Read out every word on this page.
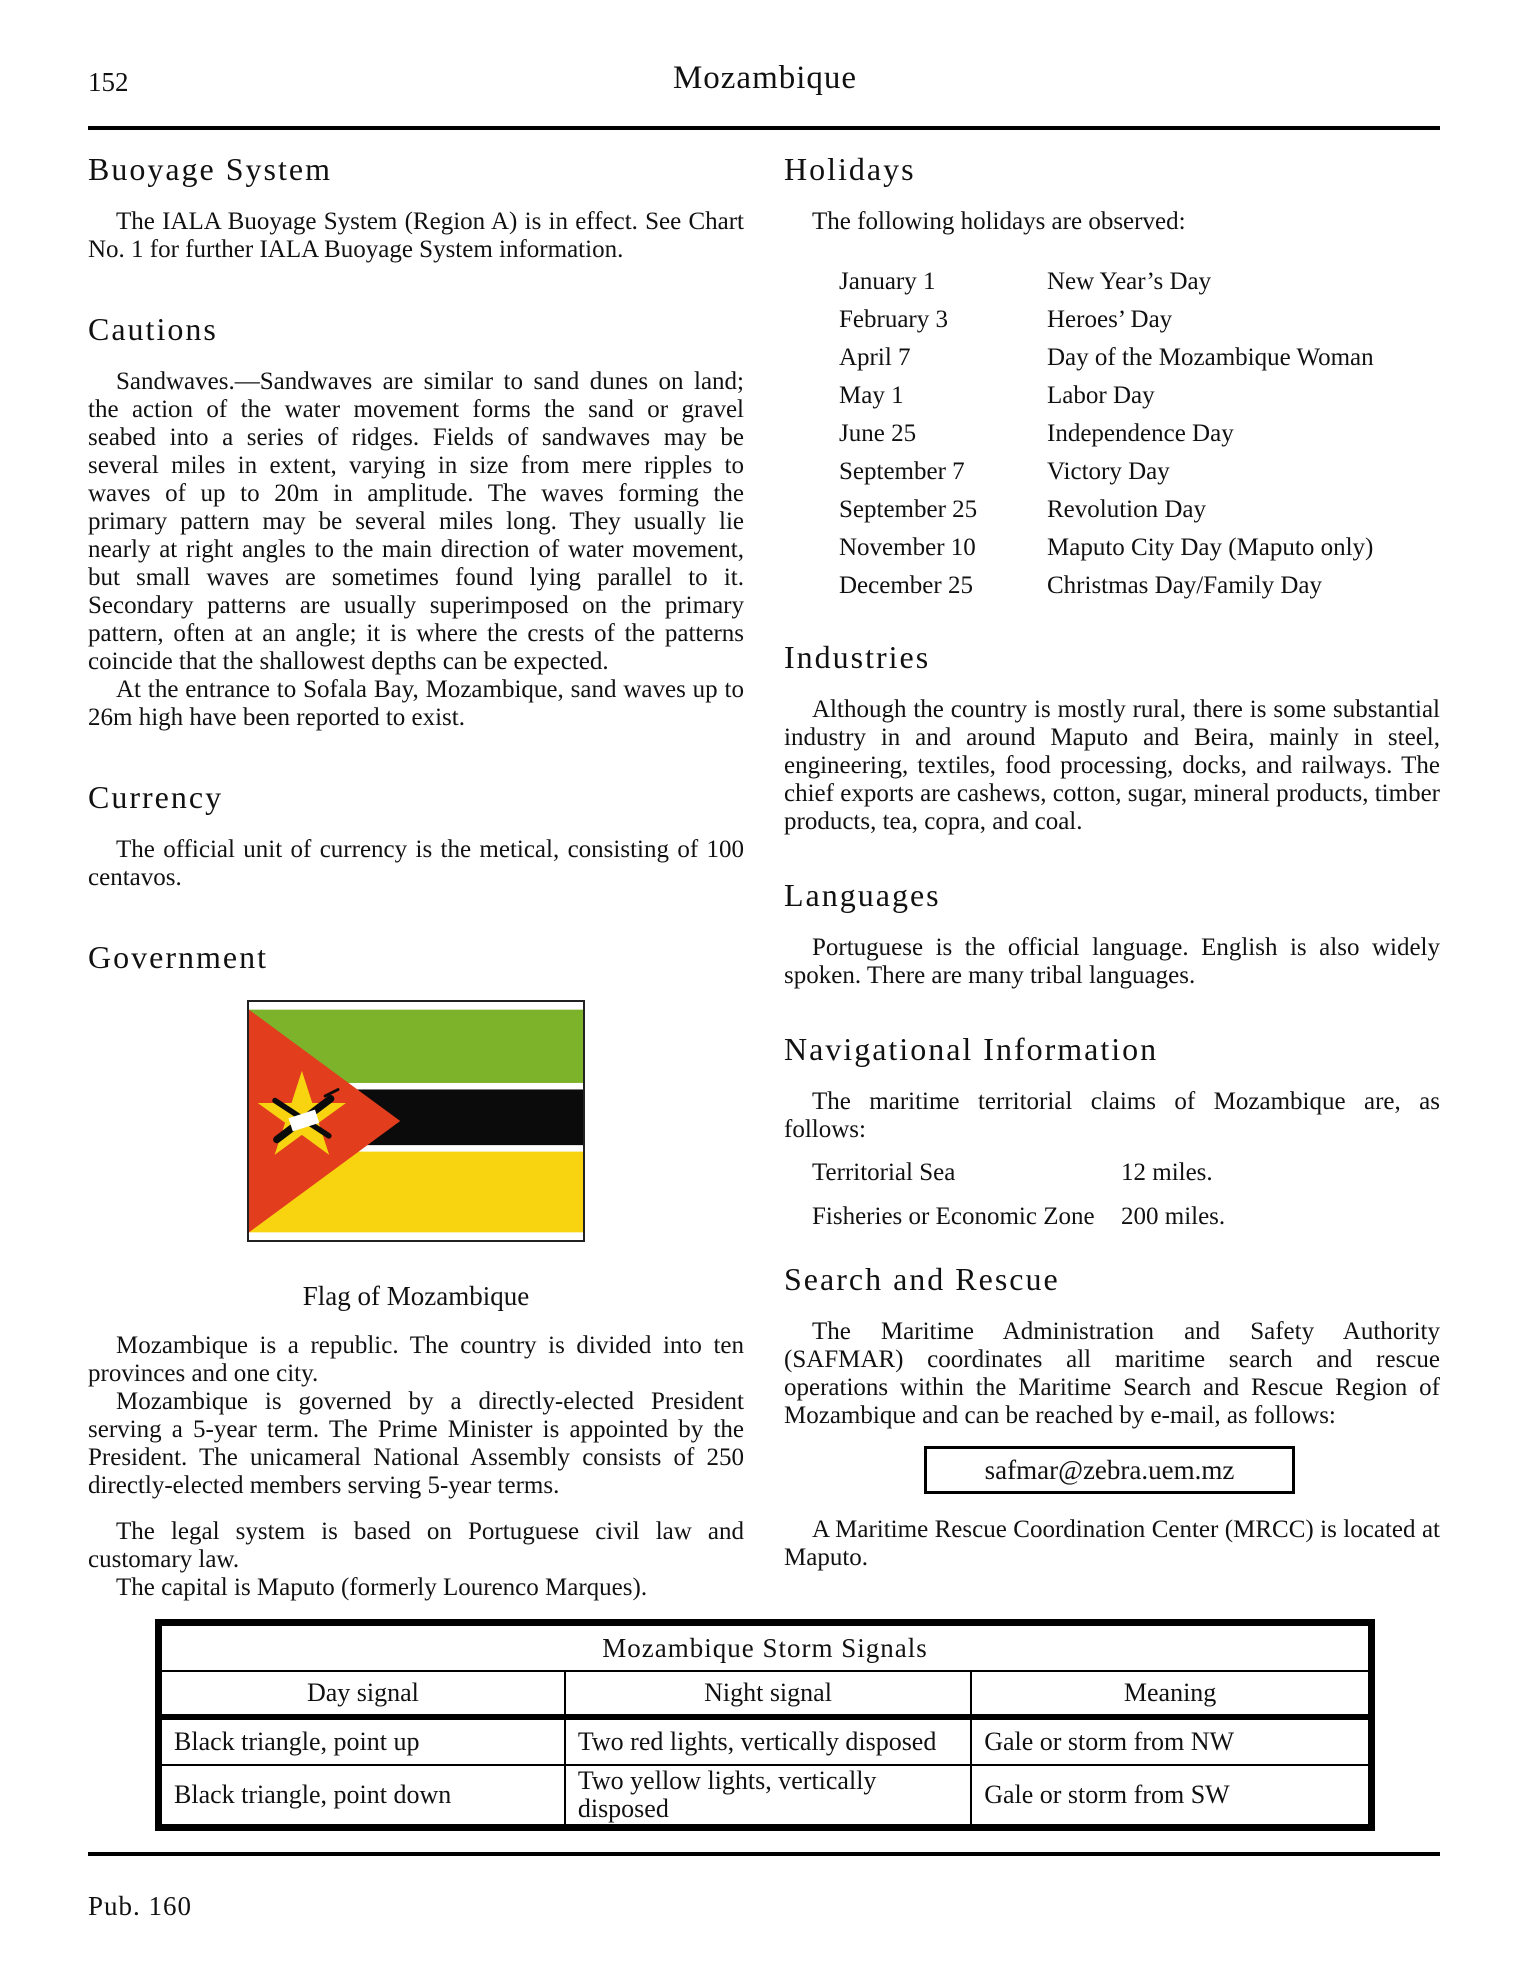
152	Mozambique
Buoyage System

The IALA Buoyage System (Region A) is in effect. See Chart No. 1 for further IALA Buoyage System information.

Cautions

Sandwaves.—Sandwaves are similar to sand dunes on land; the action of the water movement forms the sand or gravel seabed into a series of ridges. Fields of sandwaves may be several miles in extent, varying in size from mere ripples to waves of up to 20m in amplitude. The waves forming the primary pattern may be several miles long. They usually lie nearly at right angles to the main direction of water movement, but small waves are sometimes found lying parallel to it. Secondary patterns are usually superimposed on the primary pattern, often at an angle; it is where the crests of the patterns coincide that the shallowest depths can be expected.

At the entrance to Sofala Bay, Mozambique, sand waves up to 26m high have been reported to exist.

Currency

The official unit of currency is the metical, consisting of 100 centavos.

Government
Flag of Mozambique

Mozambique is a republic. The country is divided into ten provinces and one city.

Mozambique is governed by a directly-elected President serving a 5-year term. The Prime Minister is appointed by the President. The unicameral National Assembly consists of 250 directly-elected members serving 5-year terms.

The legal system is based on Portuguese civil law and customary law.

The capital is Maputo (formerly Lourenco Marques).

Holidays

The following holidays are observed:

January 1	New Year’s Day
February 3	Heroes’ Day
April 7	Day of the Mozambique Woman
May 1	Labor Day
June 25	Independence Day
September 7	Victory Day
September 25	Revolution Day
November 10	Maputo City Day (Maputo only)
December 25	Christmas Day/Family Day
Industries

Although the country is mostly rural, there is some substantial industry in and around Maputo and Beira, mainly in steel, engineering, textiles, food processing, docks, and railways. The chief exports are cashews, cotton, sugar, mineral products, timber products, tea, copra, and coal.

Languages

Portuguese is the official language. English is also widely spoken. There are many tribal languages.

Navigational Information

The maritime territorial claims of Mozambique are, as follows:

Territorial Sea	12 miles.
Fisheries or Economic Zone	200 miles.
Search and Rescue

The Maritime Administration and Safety Authority (SAFMAR) coordinates all maritime search and rescue operations within the Maritime Search and Rescue Region of Mozambique and can be reached by e-mail, as follows:

safmar@zebra.uem.mz

A Maritime Rescue Coordination Center (MRCC) is located at Maputo.

Mozambique Storm Signals		
Day signal	Night signal	Meaning
Black triangle, point up	Two red lights, vertically disposed	Gale or storm from NW
Black triangle, point down	Two yellow lights, vertically disposed	Gale or storm from SW
Pub. 160
